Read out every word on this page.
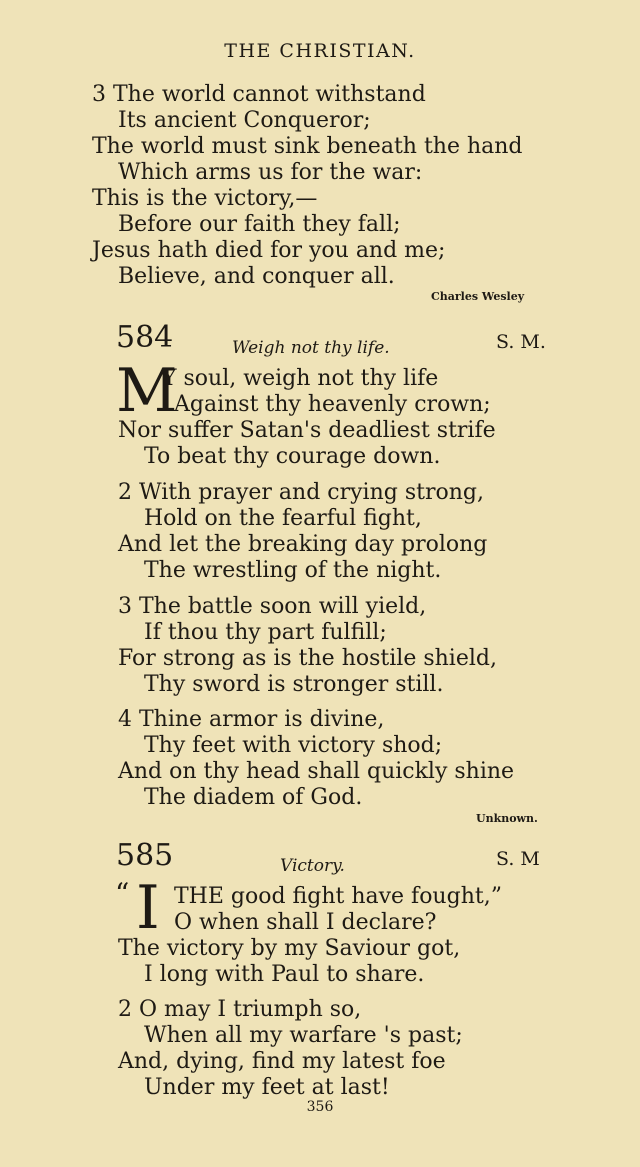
THE CHRISTIAN.
3 The world cannot withstand
Its ancient Conqueror;
The world must sink beneath the hand
Which arms us for the war:
This is the victory,—
Before our faith they fall;
Jesus hath died for you and me;
Believe, and conquer all.
Charles Wesley
584	Weigh not thy life.	S. M.
M
Y soul, weigh not thy life
Against thy heavenly crown;
Nor suffer Satan's deadliest strife
To beat thy courage down.
2 With prayer and crying strong,
Hold on the fearful fight,
And let the breaking day prolong
The wrestling of the night.
3 The battle soon will yield,
If thou thy part fulfill;
For strong as is the hostile shield,
Thy sword is stronger still.
4 Thine armor is divine,
Thy feet with victory shod;
And on thy head shall quickly shine
The diadem of God.
Unknown.
585	Victory.	S. M
“ I THE good fight have fought,”
O when shall I declare?
The victory by my Saviour got,
I long with Paul to share.
2 O may I triumph so,
When all my warfare 's past;
And, dying, find my latest foe
Under my feet at last!
356
